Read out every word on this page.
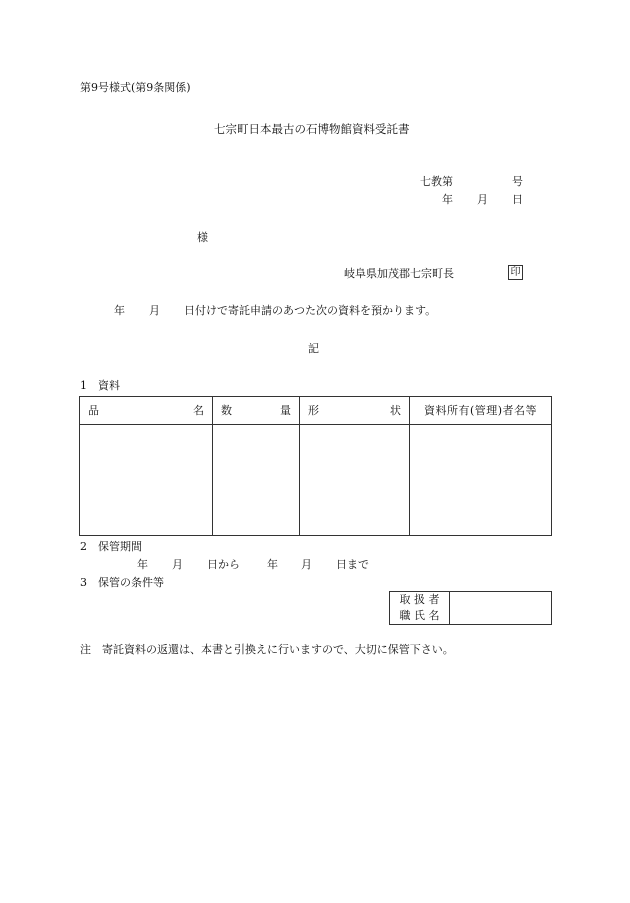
第9号様式(第9条関係)
七宗町日本最古の石博物館資料受託書
七教第	号
年 月 日
様
岐阜県加茂郡七宗町長	印
年 月 日付けで寄託申請のあつた次の資料を預かります。
記
1　資料
品 名	数 量	形 状	資料所有(管理)者名等

2　保管期間
年 月 日から 年 月 日まで
3　保管の条件等
取 扱 者
職 氏 名

注　寄託資料の返還は、本書と引換えに行いますので、大切に保管下さい。
